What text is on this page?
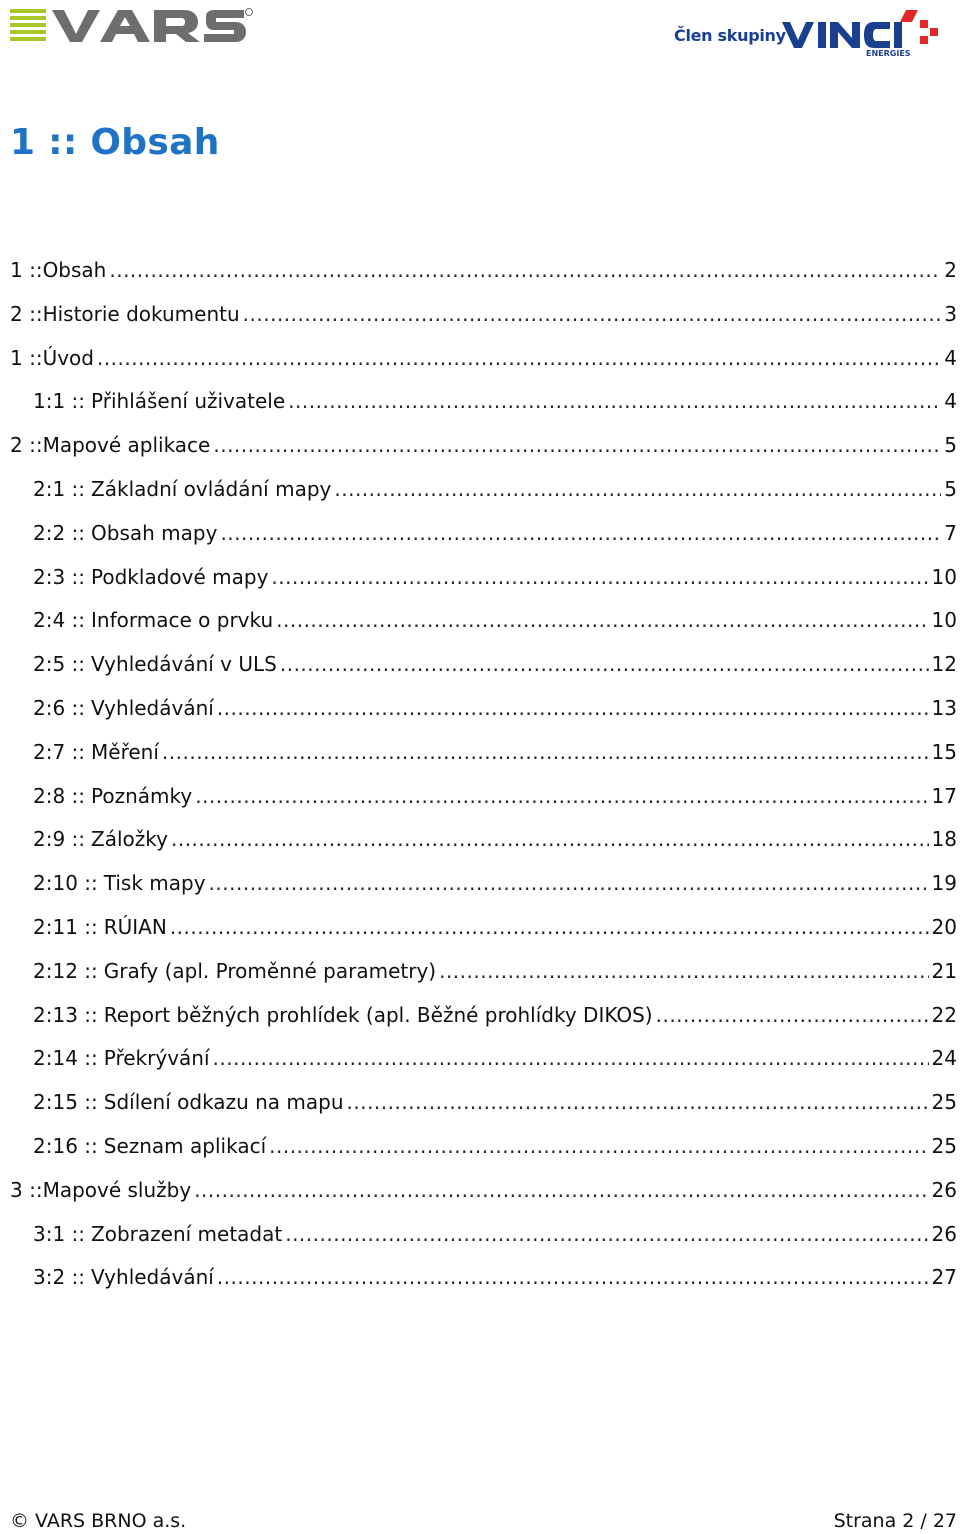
Člen skupiny
ENERGIES
1 :: Obsah
1 :: Obsah .....	2
2 :: Historie dokumentu .....	3
1 :: Úvod .....	4
1:1 :: Přihlášení uživatele .....	4
2 :: Mapové aplikace .....	5
2:1 :: Základní ovládání mapy .....	5
2:2 :: Obsah mapy .....	7
2:3 :: Podkladové mapy .....	10
2:4 :: Informace o prvku .....	10
2:5 :: Vyhledávání v ULS .....	12
2:6 :: Vyhledávání .....	13
2:7 :: Měření .....	15
2:8 :: Poznámky .....	17
2:9 :: Záložky .....	18
2:10 :: Tisk mapy .....	19
2:11 :: RÚIAN .....	20
2:12 :: Grafy (apl. Proměnné parametry) .....	21
2:13 :: Report běžných prohlídek (apl. Běžné prohlídky DIKOS) .....	22
2:14 :: Překrývání .....	24
2:15 :: Sdílení odkazu na mapu .....	25
2:16 :: Seznam aplikací .....	25
3 :: Mapové služby .....	26
3:1 :: Zobrazení metadat .....	26
3:2 :: Vyhledávání .....	27
© VARS BRNO a.s.	Strana 2 / 27
